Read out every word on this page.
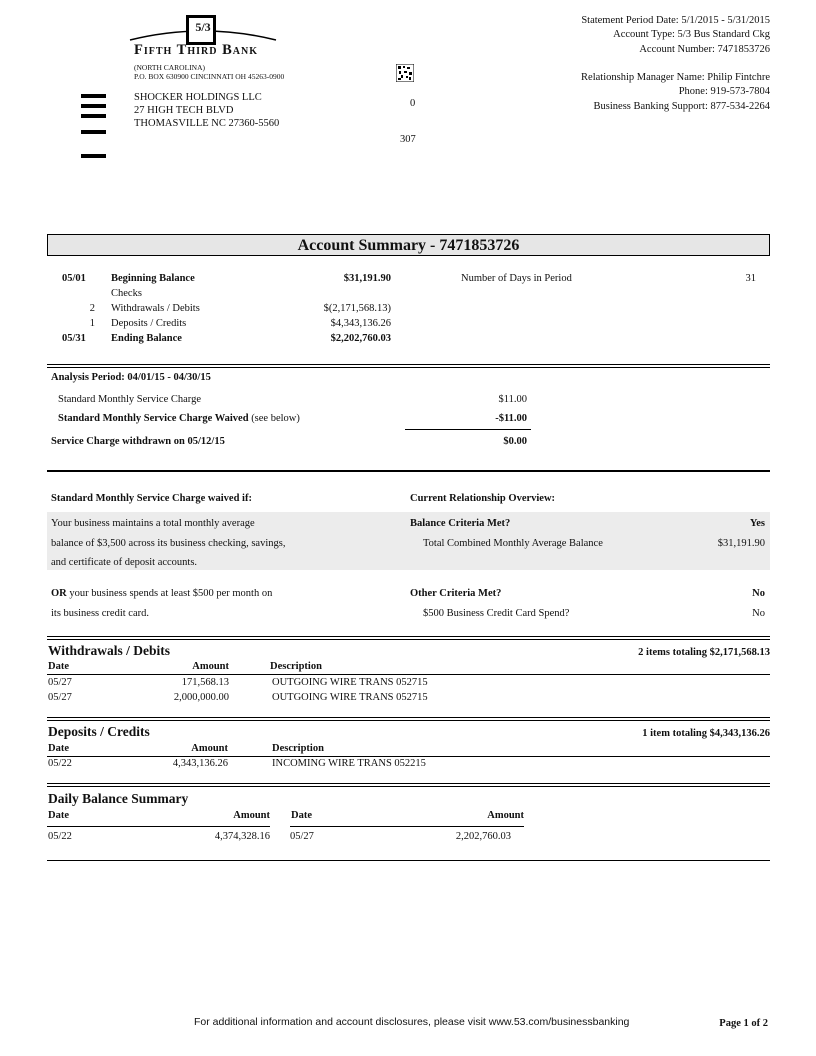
5/3
Fifth Third Bank
(NORTH CAROLINA)
P.O. BOX 630900 CINCINNATI OH 45263-0900
SHOCKER HOLDINGS LLC
27 HIGH TECH BLVD
THOMASVILLE NC 27360-5560
0
307
Statement Period Date: 5/1/2015 - 5/31/2015
Account Type: 5/3 Bus Standard Ckg
Account Number: 7471853726
Relationship Manager Name: Philip Fintchre
Phone: 919-573-7804
Business Banking Support: 877-534-2264
Account Summary - 7471853726
05/01 Beginning Balance	$31,191.90
Checks
2 Withdrawals / Debits	$(2,171,568.13)
1 Deposits / Credits	$4,343,136.26
05/31 Ending Balance	$2,202,760.03
Number of Days in Period	31
Analysis Period: 04/01/15 - 04/30/15
Standard Monthly Service Charge	$11.00
Standard Monthly Service Charge Waived (see below)	-$11.00
Service Charge withdrawn on 05/12/15	$0.00
Standard Monthly Service Charge waived if:	Current Relationship Overview:
Your business maintains a total monthly average
balance of $3,500 across its business checking, savings,
and certificate of deposit accounts.
Balance Criteria Met?	Yes
Total Combined Monthly Average Balance	$31,191.90
OR your business spends at least $500 per month on
its business credit card.
Other Criteria Met?	No
$500 Business Credit Card Spend?	No
Withdrawals / Debits	2 items totaling $2,171,568.13
Date	Amount	Description
05/27	171,568.13	OUTGOING WIRE TRANS 052715
05/27	2,000,000.00	OUTGOING WIRE TRANS 052715
Deposits / Credits	1 item totaling $4,343,136.26
Date	Amount	Description
05/22	4,343,136.26	INCOMING WIRE TRANS 052215
Daily Balance Summary
Date	Amount Date	Amount
05/22	4,374,328.16 05/27	2,202,760.03
For additional information and account disclosures, please visit www.53.com/businessbanking	Page 1 of 2
